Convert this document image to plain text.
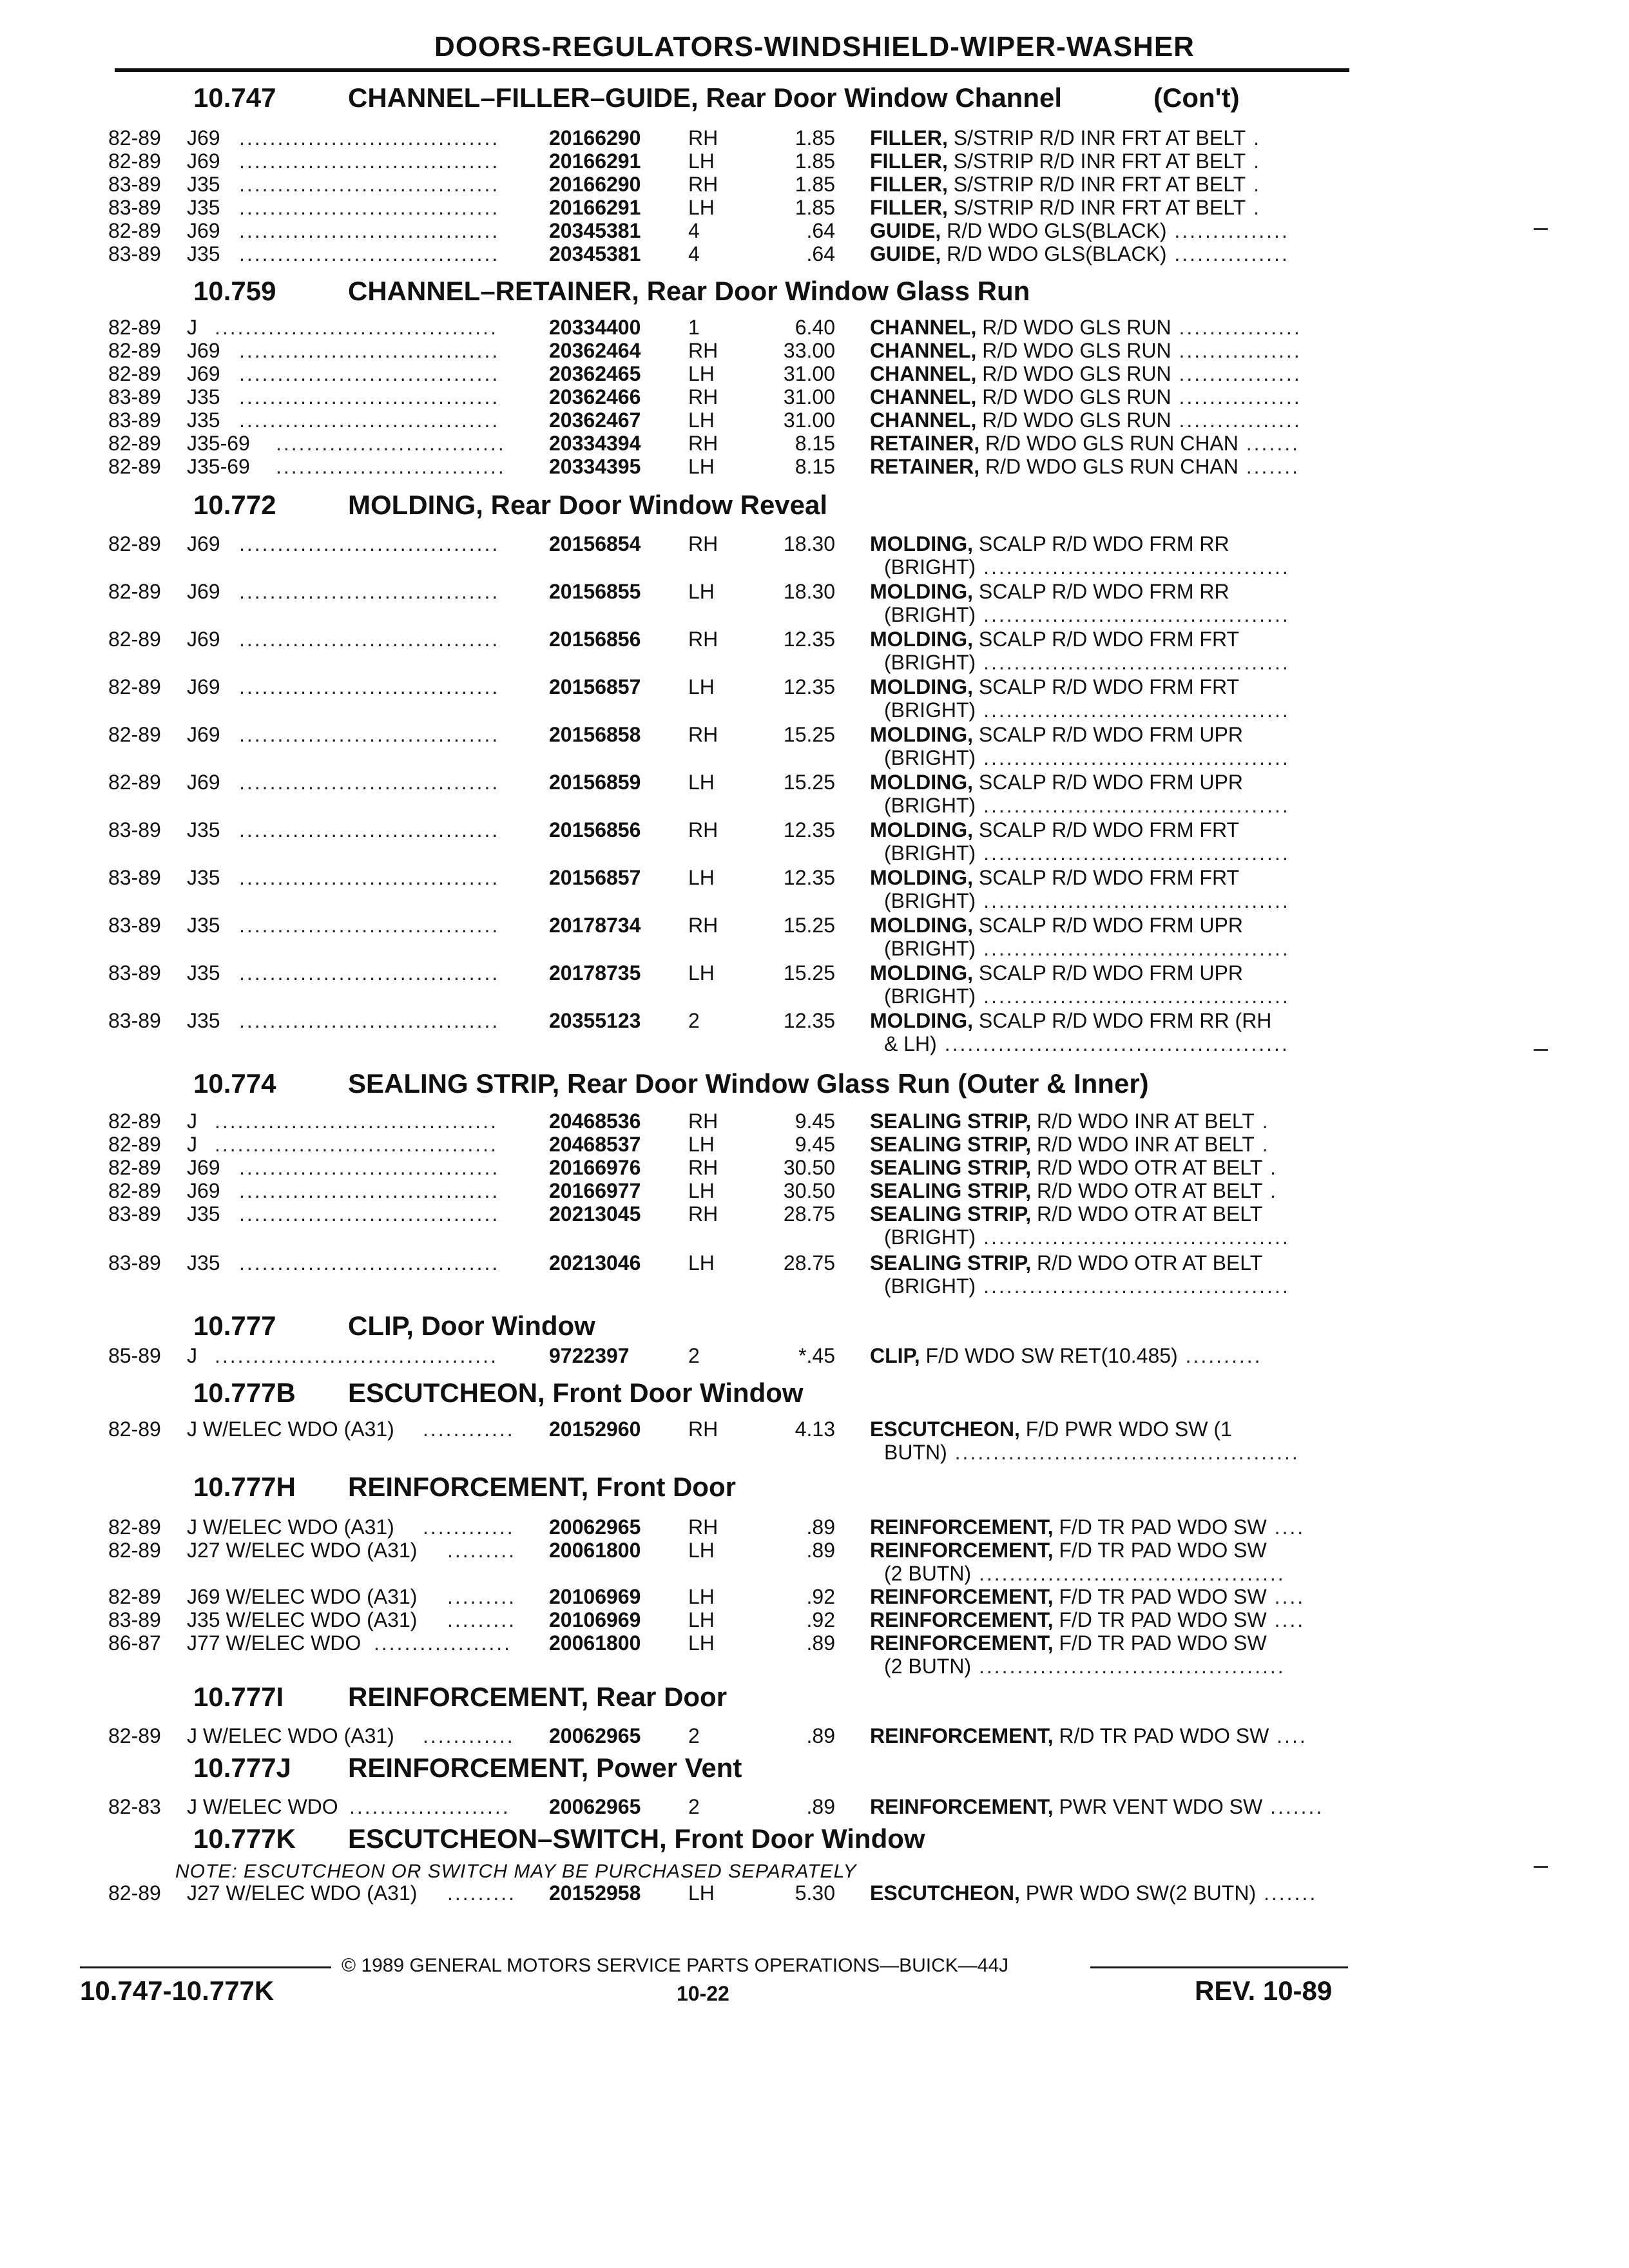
DOORS-REGULATORS-WINDSHIELD-WIPER-WASHER
10.747	CHANNEL–FILLER–GUIDE, Rear Door Window Channel	(Con't)
82-89 J69 .................................. 20166290 RH	1.85 FILLER, S/STRIP R/D INR FRT AT BELT .
82-89 J69 .................................. 20166291 LH	1.85 FILLER, S/STRIP R/D INR FRT AT BELT .
83-89 J35 .................................. 20166290 RH	1.85 FILLER, S/STRIP R/D INR FRT AT BELT .
83-89 J35 .................................. 20166291 LH	1.85 FILLER, S/STRIP R/D INR FRT AT BELT .
82-89 J69 .................................. 20345381 4	.64 GUIDE, R/D WDO GLS(BLACK) ...............
83-89 J35 .................................. 20345381 4	.64 GUIDE, R/D WDO GLS(BLACK) ...............
10.759	CHANNEL–RETAINER, Rear Door Window Glass Run
82-89 J ..................................... 20334400 1	6.40 CHANNEL, R/D WDO GLS RUN ................
82-89 J69 .................................. 20362464 RH	33.00 CHANNEL, R/D WDO GLS RUN ................
82-89 J69 .................................. 20362465 LH	31.00 CHANNEL, R/D WDO GLS RUN ................
83-89 J35 .................................. 20362466 RH	31.00 CHANNEL, R/D WDO GLS RUN ................
83-89 J35 .................................. 20362467 LH	31.00 CHANNEL, R/D WDO GLS RUN ................
82-89 J35-69 .............................. 20334394 RH	8.15 RETAINER, R/D WDO GLS RUN CHAN .......
82-89 J35-69 .............................. 20334395 LH	8.15 RETAINER, R/D WDO GLS RUN CHAN .......
10.772	MOLDING, Rear Door Window Reveal
82-89 J69 .................................. 20156854 RH	18.30 MOLDING, SCALP R/D WDO FRM RR
(BRIGHT) ........................................
82-89 J69 .................................. 20156855 LH	18.30 MOLDING, SCALP R/D WDO FRM RR
(BRIGHT) ........................................
82-89 J69 .................................. 20156856 RH	12.35 MOLDING, SCALP R/D WDO FRM FRT
(BRIGHT) ........................................
82-89 J69 .................................. 20156857 LH	12.35 MOLDING, SCALP R/D WDO FRM FRT
(BRIGHT) ........................................
82-89 J69 .................................. 20156858 RH	15.25 MOLDING, SCALP R/D WDO FRM UPR
(BRIGHT) ........................................
82-89 J69 .................................. 20156859 LH	15.25 MOLDING, SCALP R/D WDO FRM UPR
(BRIGHT) ........................................
83-89 J35 .................................. 20156856 RH	12.35 MOLDING, SCALP R/D WDO FRM FRT
(BRIGHT) ........................................
83-89 J35 .................................. 20156857 LH	12.35 MOLDING, SCALP R/D WDO FRM FRT
(BRIGHT) ........................................
83-89 J35 .................................. 20178734 RH	15.25 MOLDING, SCALP R/D WDO FRM UPR
(BRIGHT) ........................................
83-89 J35 .................................. 20178735 LH	15.25 MOLDING, SCALP R/D WDO FRM UPR
(BRIGHT) ........................................
83-89 J35 .................................. 20355123 2	12.35 MOLDING, SCALP R/D WDO FRM RR (RH
& LH) .............................................
10.774	SEALING STRIP, Rear Door Window Glass Run (Outer & Inner)
82-89 J ..................................... 20468536 RH	9.45 SEALING STRIP, R/D WDO INR AT BELT .
82-89 J ..................................... 20468537 LH	9.45 SEALING STRIP, R/D WDO INR AT BELT .
82-89 J69 .................................. 20166976 RH	30.50 SEALING STRIP, R/D WDO OTR AT BELT .
82-89 J69 .................................. 20166977 LH	30.50 SEALING STRIP, R/D WDO OTR AT BELT .
83-89 J35 .................................. 20213045 RH	28.75 SEALING STRIP, R/D WDO OTR AT BELT
(BRIGHT) ........................................
83-89 J35 .................................. 20213046 LH	28.75 SEALING STRIP, R/D WDO OTR AT BELT
(BRIGHT) ........................................
10.777	CLIP, Door Window
85-89 J ..................................... 9722397	2	*.45 CLIP, F/D WDO SW RET(10.485) ..........
10.777B ESCUTCHEON, Front Door Window
82-89 J W/ELEC WDO (A31) ............ 20152960 RH	4.13 ESCUTCHEON, F/D PWR WDO SW (1
BUTN) .............................................
10.777H REINFORCEMENT, Front Door
82-89 J W/ELEC WDO (A31) ............ 20062965 RH	.89 REINFORCEMENT, F/D TR PAD WDO SW ....
82-89 J27 W/ELEC WDO (A31) ......... 20061800 LH	.89 REINFORCEMENT, F/D TR PAD WDO SW
(2 BUTN) ........................................
82-89 J69 W/ELEC WDO (A31) ......... 20106969 LH	.92 REINFORCEMENT, F/D TR PAD WDO SW ....
83-89 J35 W/ELEC WDO (A31) ......... 20106969 LH	.92 REINFORCEMENT, F/D TR PAD WDO SW ....
86-87 J77 W/ELEC WDO .................. 20061800 LH	.89 REINFORCEMENT, F/D TR PAD WDO SW
(2 BUTN) ........................................
10.777I REINFORCEMENT, Rear Door
82-89 J W/ELEC WDO (A31) ............ 20062965 2	.89 REINFORCEMENT, R/D TR PAD WDO SW ....
10.777J REINFORCEMENT, Power Vent
82-83 J W/ELEC WDO ..................... 20062965 2	.89 REINFORCEMENT, PWR VENT WDO SW .......
10.777K ESCUTCHEON–SWITCH, Front Door Window
NOTE: ESCUTCHEON OR SWITCH MAY BE PURCHASED SEPARATELY
82-89 J27 W/ELEC WDO (A31) ......... 20152958 LH	5.30 ESCUTCHEON, PWR WDO SW(2 BUTN) .......
© 1989 GENERAL MOTORS SERVICE PARTS OPERATIONS—BUICK—44J
10.747-10.777K	10-22	REV. 10-89
